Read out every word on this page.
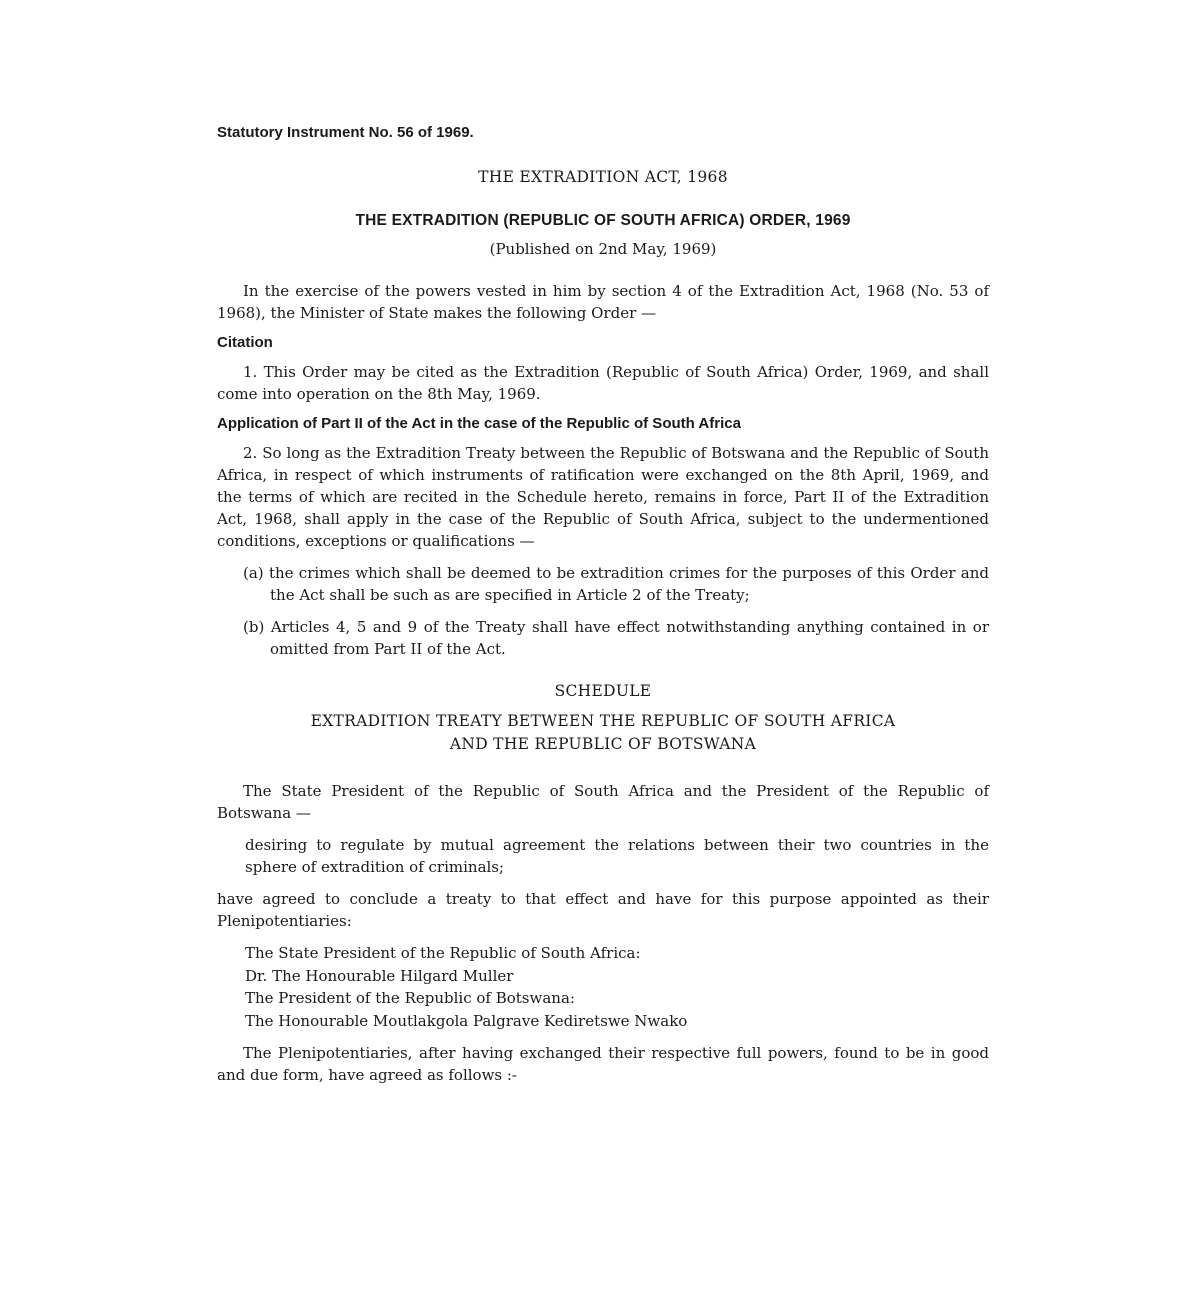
Statutory Instrument No. 56 of 1969.
THE EXTRADITION ACT, 1968
THE EXTRADITION (REPUBLIC OF SOUTH AFRICA) ORDER, 1969
(Published on 2nd May, 1969)

In the exercise of the powers vested in him by section 4 of the Extradition Act, 1968 (No. 53 of 1968), the Minister of State makes the following Order —

Citation

1. This Order may be cited as the Extradition (Republic of South Africa) Order, 1969, and shall come into operation on the 8th May, 1969.

Application of Part II of the Act in the case of the Republic of South Africa

2. So long as the Extradition Treaty between the Republic of Botswana and the Republic of South Africa, in respect of which instruments of ratification were exchanged on the 8th April, 1969, and the terms of which are recited in the Schedule hereto, remains in force, Part II of the Extradition Act, 1968, shall apply in the case of the Republic of South Africa, subject to the undermentioned conditions, exceptions or qualifications —

(a) the crimes which shall be deemed to be extradition crimes for the purposes of this Order and the Act shall be such as are specified in Article 2 of the Treaty;
(b) Articles 4, 5 and 9 of the Treaty shall have effect notwithstanding anything contained in or omitted from Part II of the Act.
SCHEDULE
EXTRADITION TREATY BETWEEN THE REPUBLIC OF SOUTH AFRICA
AND THE REPUBLIC OF BOTSWANA

The State President of the Republic of South Africa and the President of the Republic of Botswana —

desiring to regulate by mutual agreement the relations between their two countries in the sphere of extradition of criminals;

have agreed to conclude a treaty to that effect and have for this purpose appointed as their Plenipotentiaries:

The State President of the Republic of South Africa:
Dr. The Honourable Hilgard Muller
The President of the Republic of Botswana:
The Honourable Moutlakgola Palgrave Kediretswe Nwako

The Plenipotentiaries, after having exchanged their respective full powers, found to be in good and due form, have agreed as follows :-
